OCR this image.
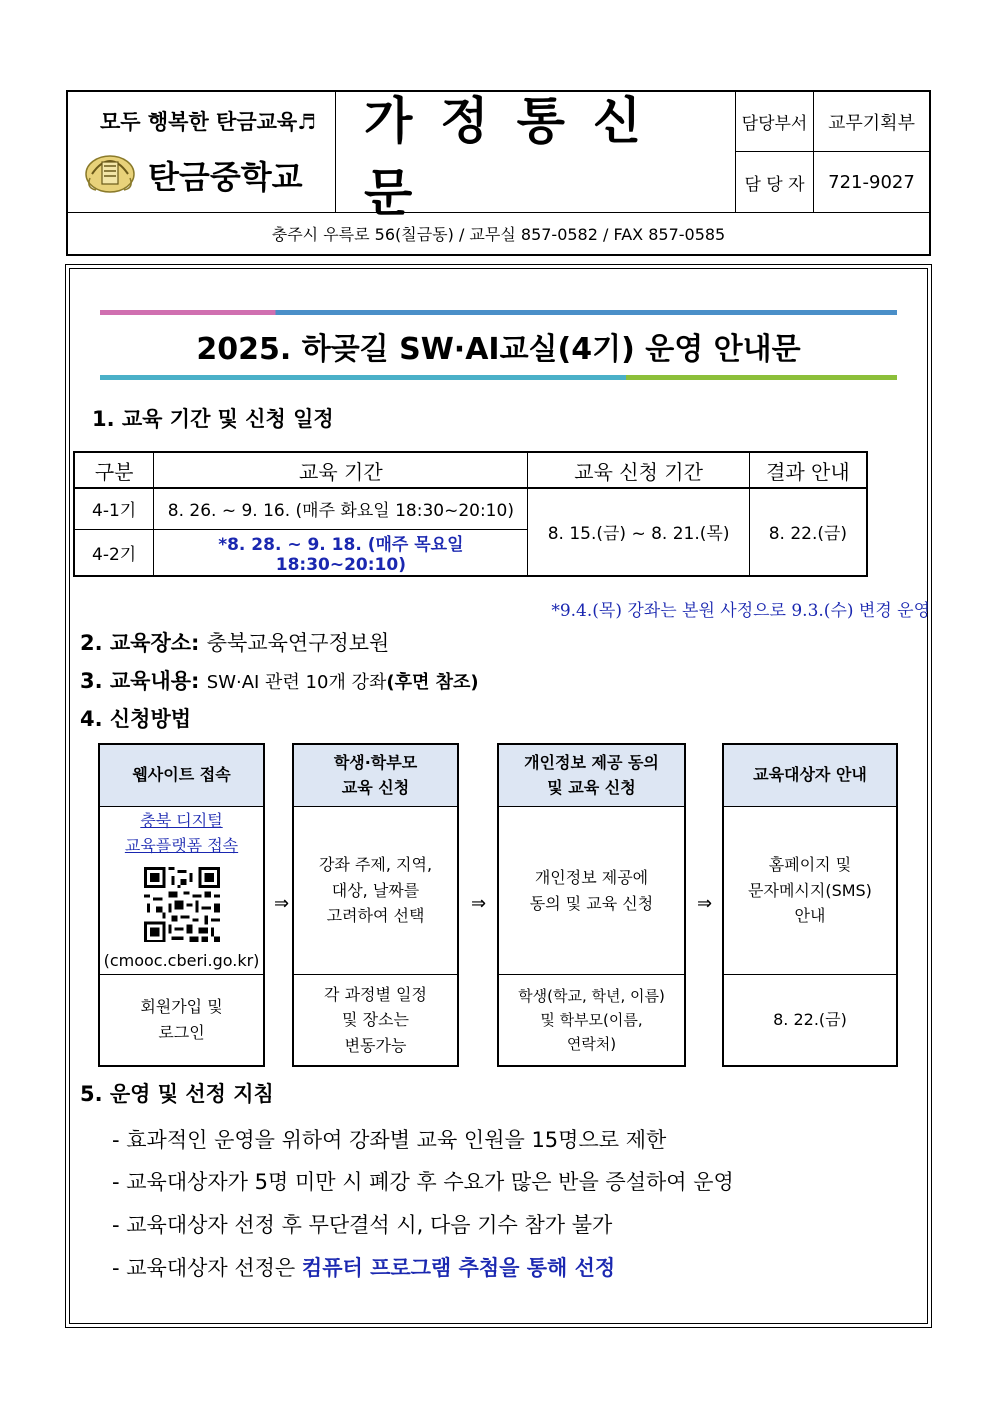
모두 행복한 탄금교육♬
탄금중학교
가정통신문
담당부서	교무기획부
담 당 자	721-9027
충주시 우륵로 56(칠금동) / 교무실 857-0582 / FAX 857-0585
2025. 하곶길 SW·AI교실(4기) 운영 안내문
1. 교육 기간 및 신청 일정
구분	교육 기간	교육 신청 기간	결과 안내
4-1기	8. 26. ~ 9. 16. (매주 화요일 18:30~20:10)	8. 15.(금) ~ 8. 21.(목)	8. 22.(금)
4-2기	*8. 28. ~ 9. 18. (매주 목요일 18:30~20:10)		
*9.4.(목) 강좌는 본원 사정으로 9.3.(수) 변경 운영
2. 교육장소: 충북교육연구정보원
3. 교육내용: SW·AI 관련 10개 강좌(후면 참조)
4. 신청방법
웹사이트 접속
충북 디지털
교육플랫폼 접속
(cmooc.cberi.go.kr)
회원가입 및
로그인
⇒
학생·학부모
교육 신청
강좌 주제, 지역,
대상, 날짜를
고려하여 선택
각 과정별 일정
및 장소는
변동가능
⇒
개인정보 제공 동의
및 교육 신청
개인정보 제공에
동의 및 교육 신청
학생(학교, 학년, 이름)
및 학부모(이름,
연락처)
⇒
교육대상자 안내
홈페이지 및
문자메시지(SMS)
안내
8. 22.(금)
5. 운영 및 선정 지침
- 효과적인 운영을 위하여 강좌별 교육 인원을 15명으로 제한
- 교육대상자가 5명 미만 시 폐강 후 수요가 많은 반을 증설하여 운영
- 교육대상자 선정 후 무단결석 시, 다음 기수 참가 불가
- 교육대상자 선정은 컴퓨터 프로그램 추첨을 통해 선정
